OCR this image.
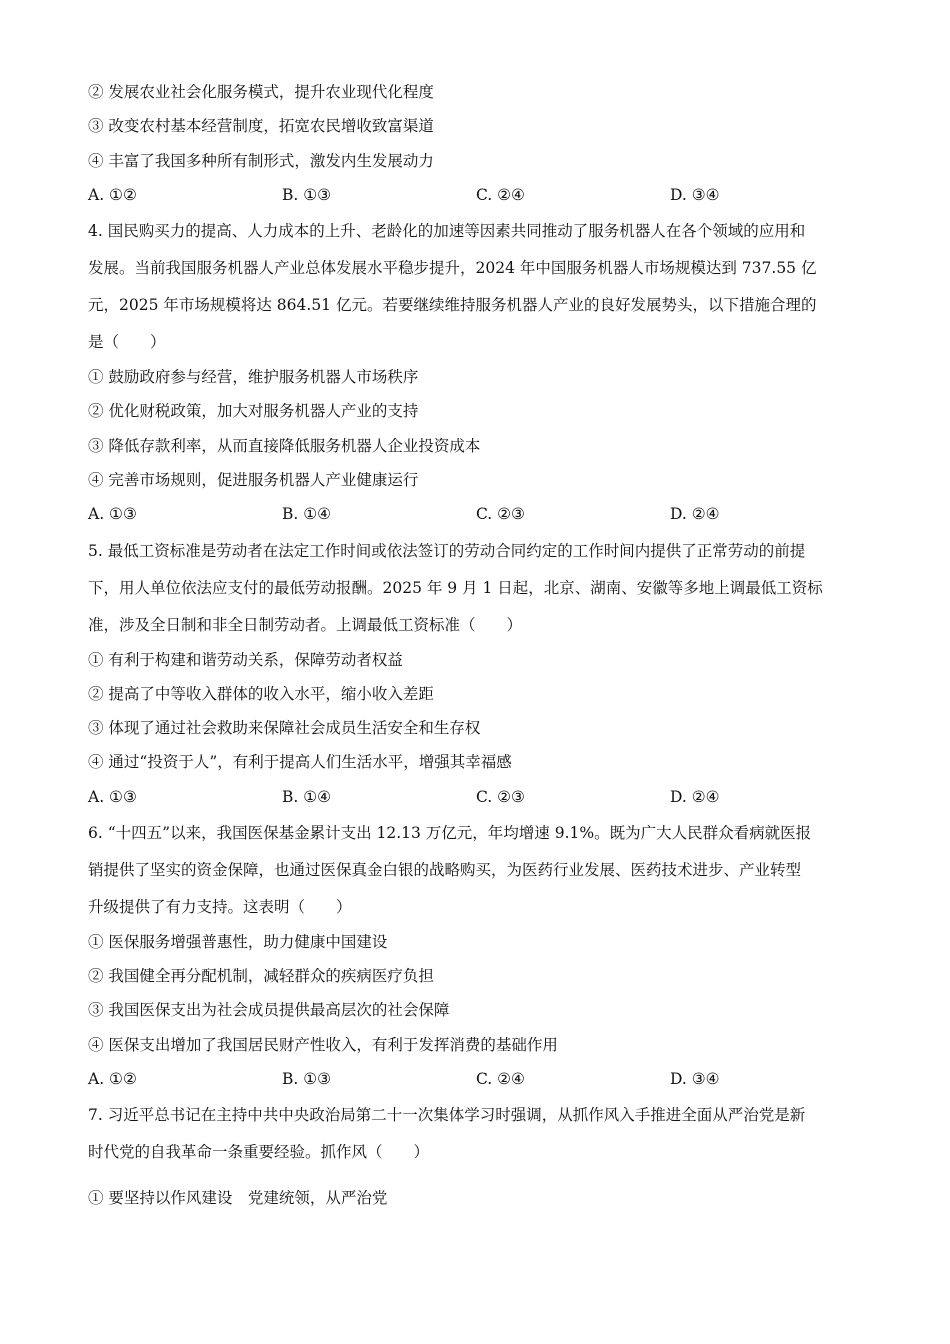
② 发展农业社会化服务模式，提升农业现代化程度
③ 改变农村基本经营制度，拓宽农民增收致富渠道
④ 丰富了我国多种所有制形式，激发内生发展动力
A. ①②	B. ①③	C. ②④	D. ③④
4. 国民购买力的提高、人力成本的上升、老龄化的加速等因素共同推动了服务机器人在各个领域的应用和
发展。当前我国服务机器人产业总体发展水平稳步提升，2024 年中国服务机器人市场规模达到 737.55 亿
元，2025 年市场规模将达 864.51 亿元。若要继续维持服务机器人产业的良好发展势头，以下措施合理的
是（　　）
① 鼓励政府参与经营，维护服务机器人市场秩序
② 优化财税政策，加大对服务机器人产业的支持
③ 降低存款利率，从而直接降低服务机器人企业投资成本
④ 完善市场规则，促进服务机器人产业健康运行
A. ①③	B. ①④	C. ②③	D. ②④
5. 最低工资标准是劳动者在法定工作时间或依法签订的劳动合同约定的工作时间内提供了正常劳动的前提
下，用人单位依法应支付的最低劳动报酬。2025 年 9 月 1 日起，北京、湖南、安徽等多地上调最低工资标
准，涉及全日制和非全日制劳动者。上调最低工资标准（　　）
① 有利于构建和谐劳动关系，保障劳动者权益
② 提高了中等收入群体的收入水平，缩小收入差距
③ 体现了通过社会救助来保障社会成员生活安全和生存权
④ 通过“投资于人”，有利于提高人们生活水平，增强其幸福感
A. ①③	B. ①④	C. ②③	D. ②④
6. “十四五”以来，我国医保基金累计支出 12.13 万亿元，年均增速 9.1%。既为广大人民群众看病就医报
销提供了坚实的资金保障，也通过医保真金白银的战略购买，为医药行业发展、医药技术进步、产业转型
升级提供了有力支持。这表明（　　）
① 医保服务增强普惠性，助力健康中国建设
② 我国健全再分配机制，减轻群众的疾病医疗负担
③ 我国医保支出为社会成员提供最高层次的社会保障
④ 医保支出增加了我国居民财产性收入，有利于发挥消费的基础作用
A. ①②	B. ①③	C. ②④	D. ③④
7. 习近平总书记在主持中共中央政治局第二十一次集体学习时强调，从抓作风入手推进全面从严治党是新
时代党的自我革命一条重要经验。抓作风（　　）
① 要坚持以作风建设　党建统领，从严治党
